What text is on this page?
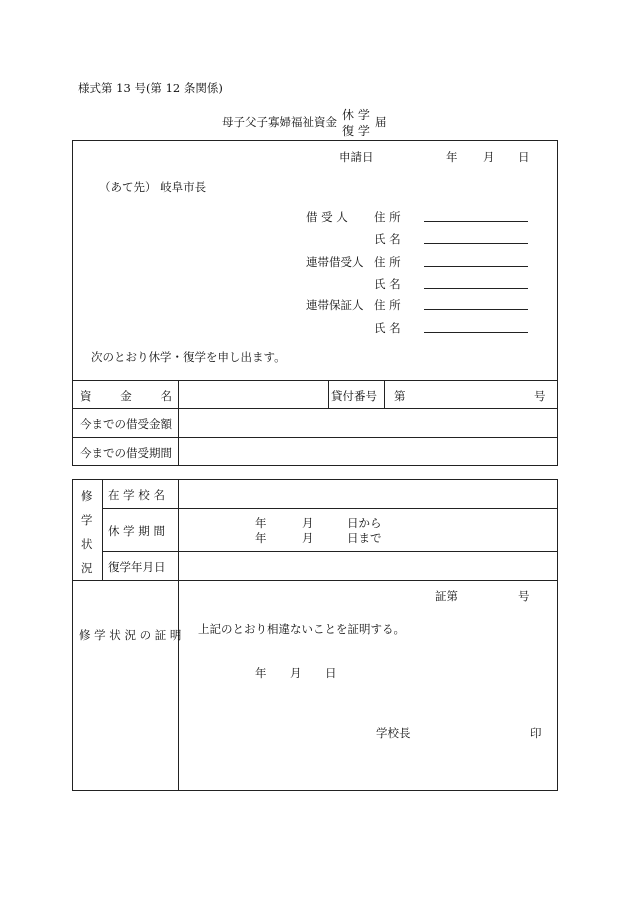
様式第 13 号(第 12 条関係)
母子父子寡婦福祉資金 休 学
復 学
届
申請日	年 月 日
（あて先） 岐阜市長
借 受 人 住 所
氏 名
連帯借受人 住 所
氏 名
連帯保証人 住 所
氏 名
次のとおり休学・復学を申し出ます。
資	金	名	貸付番号 第	号
今までの借受金額
今までの借受期間
修
学
状
況
在 学 校 名
休 学 期 間
年	月	日から
年	月	日まで
復学年月日
修 学 状 況 の 証 明
証第	号
上記のとおり相違ないことを証明する。
年 月 日
学校長	印
